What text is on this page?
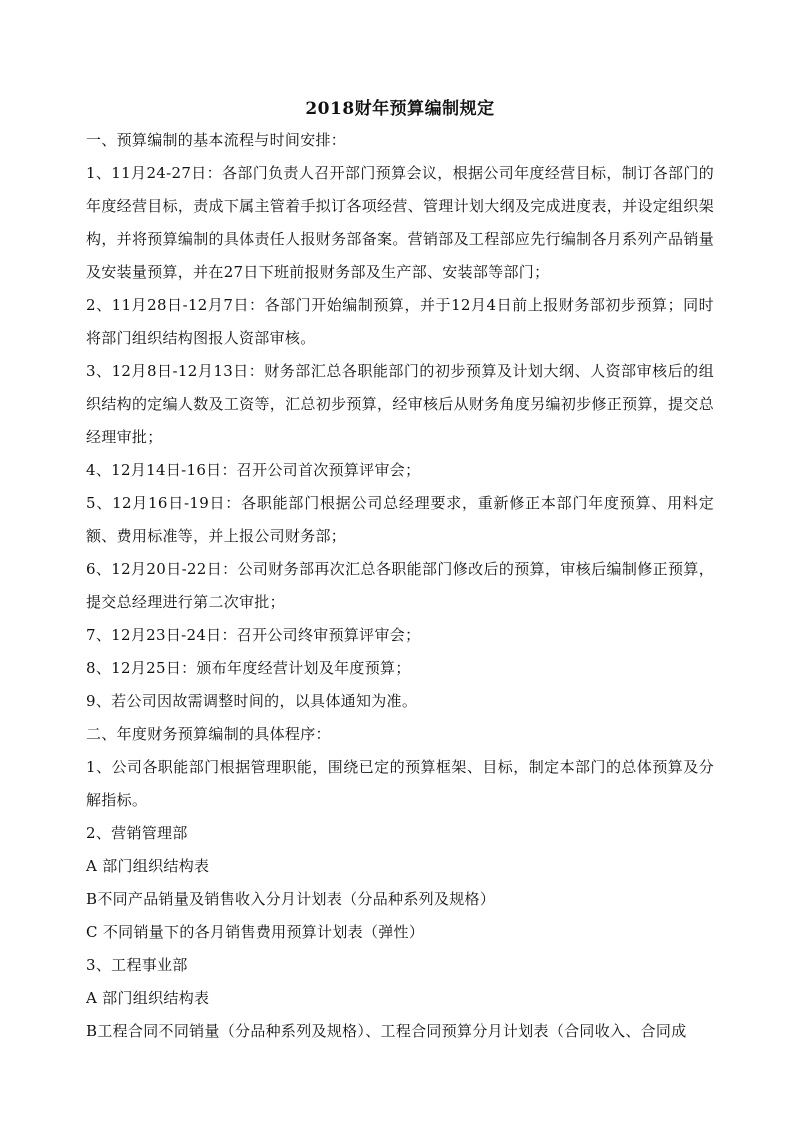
2018财年预算编制规定

一、预算编制的基本流程与时间安排：

1、11月24-27日：各部门负责人召开部门预算会议，根据公司年度经营目标，制订各部门的年度经营目标，责成下属主管着手拟订各项经营、管理计划大纲及完成进度表，并设定组织架构，并将预算编制的具体责任人报财务部备案。营销部及工程部应先行编制各月系列产品销量及安装量预算，并在27日下班前报财务部及生产部、安装部等部门；

2、11月28日-12月7日：各部门开始编制预算，并于12月4日前上报财务部初步预算；同时将部门组织结构图报人资部审核。

3、12月8日-12月13日：财务部汇总各职能部门的初步预算及计划大纲、人资部审核后的组织结构的定编人数及工资等，汇总初步预算，经审核后从财务角度另编初步修正预算，提交总经理审批；

4、12月14日-16日：召开公司首次预算评审会；

5、12月16日-19日：各职能部门根据公司总经理要求，重新修正本部门年度预算、用料定额、费用标准等，并上报公司财务部；

6、12月20日-22日：公司财务部再次汇总各职能部门修改后的预算，审核后编制修正预算，提交总经理进行第二次审批；

7、12月23日-24日：召开公司终审预算评审会；

8、12月25日：颁布年度经营计划及年度预算；

9、若公司因故需调整时间的，以具体通知为准。

二、年度财务预算编制的具体程序：

1、公司各职能部门根据管理职能，围绕已定的预算框架、目标，制定本部门的总体预算及分解指标。

2、营销管理部

A 部门组织结构表

B不同产品销量及销售收入分月计划表（分品种系列及规格）

C 不同销量下的各月销售费用预算计划表（弹性）

3、工程事业部

A 部门组织结构表

B工程合同不同销量（分品种系列及规格）、工程合同预算分月计划表（合同收入、合同成
